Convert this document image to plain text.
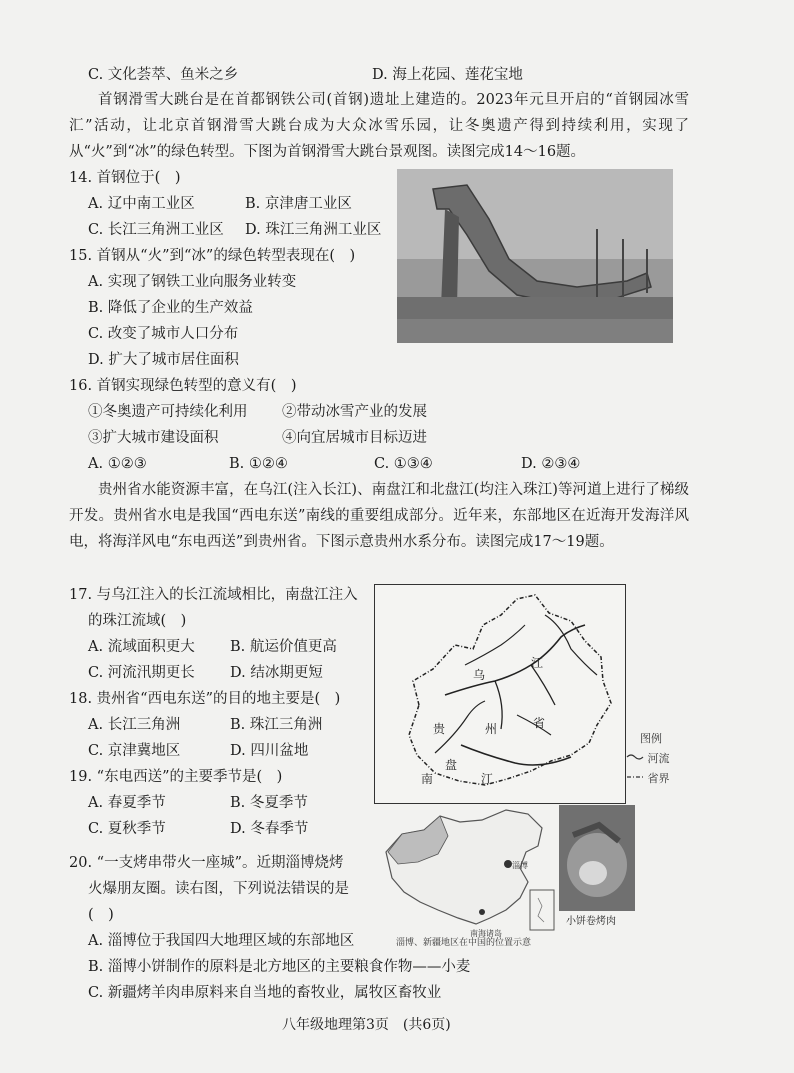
C. 文化荟萃、鱼米之乡	D. 海上花园、莲花宝地
首钢滑雪大跳台是在首都钢铁公司(首钢)遗址上建造的。2023年元旦开启的“首钢园冰雪汇”活动，让北京首钢滑雪大跳台成为大众冰雪乐园，让冬奥遗产得到持续利用，实现了从“火”到“冰”的绿色转型。下图为首钢滑雪大跳台景观图。读图完成14～16题。
14. 首钢位于(　)
A. 辽中南工业区	B. 京津唐工业区
C. 长江三角洲工业区 D. 珠江三角洲工业区
15. 首钢从“火”到“冰”的绿色转型表现在(　)
A. 实现了钢铁工业向服务业转变
B. 降低了企业的生产效益
C. 改变了城市人口分布
D. 扩大了城市居住面积
16. 首钢实现绿色转型的意义有(　)
①冬奥遗产可持续化利用 ②带动冰雪产业的发展
③扩大城市建设面积	④向宜居城市目标迈进
A. ①②③	B. ①②④	C. ①③④	D. ②③④
贵州省水能资源丰富，在乌江(注入长江)、南盘江和北盘江(均注入珠江)等河道上进行了梯级开发。贵州省水电是我国“西电东送”南线的重要组成部分。近年来，东部地区在近海开发海洋风电，将海洋风电“东电西送”到贵州省。下图示意贵州水系分布。读图完成17～19题。
乌
江
贵	州	省
南
盘
江
图例
河流
省界
17. 与乌江注入的长江流域相比，南盘江注入
的珠江流域(　)
A. 流域面积更大 B. 航运价值更高
C. 河流汛期更长 D. 结冰期更短
18. 贵州省“西电东送”的目的地主要是(　)
A. 长江三角洲	B. 珠江三角洲
C. 京津冀地区	D. 四川盆地
19. “东电西送”的主要季节是(　)
A. 春夏季节	B. 冬夏季节
C. 夏秋季节	D. 冬春季节
淄博
南海诸岛
淄博、新疆地区在中国的位置示意
小饼卷烤肉
20. “一支烤串带火一座城”。近期淄博烧烤
火爆朋友圈。读右图，下列说法错误的是
(　)
A. 淄博位于我国四大地理区域的东部地区
B. 淄博小饼制作的原料是北方地区的主要粮食作物——小麦
C. 新疆烤羊肉串原料来自当地的畜牧业，属牧区畜牧业
八年级地理第3页　(共6页)
